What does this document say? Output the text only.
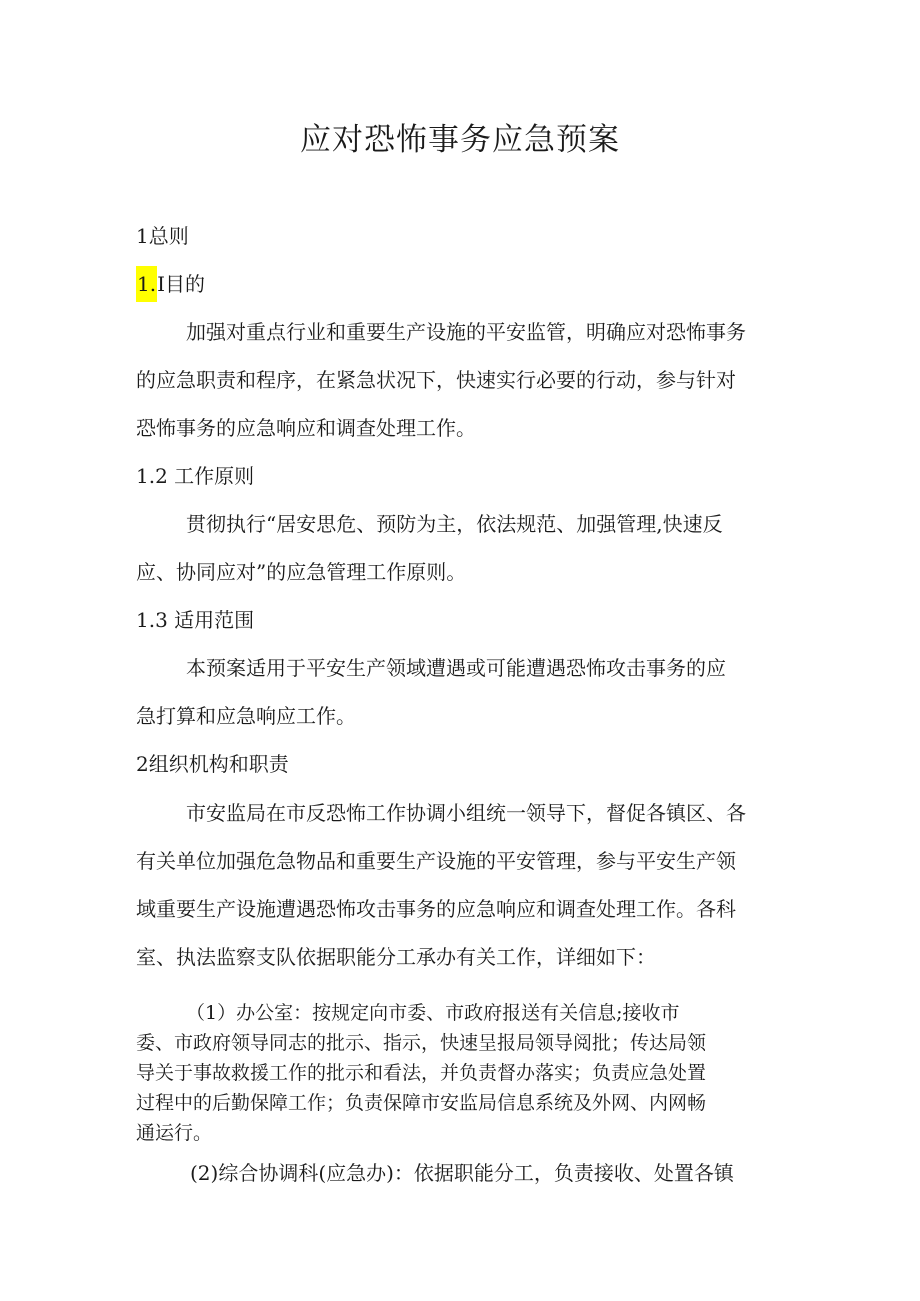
应对恐怖事务应急预案

1总则

1.I目的

加强对重点行业和重要生产设施的平安监管，明确应对恐怖事务

的应急职责和程序，在紧急状况下，快速实行必要的行动，参与针对

恐怖事务的应急响应和调查处理工作。

1.2 工作原则

贯彻执行“居安思危、预防为主，依法规范、加强管理,快速反

应、协同应对”的应急管理工作原则。

1.3 适用范围

本预案适用于平安生产领域遭遇或可能遭遇恐怖攻击事务的应

急打算和应急响应工作。

2组织机构和职责

市安监局在市反恐怖工作协调小组统一领导下，督促各镇区、各

有关单位加强危急物品和重要生产设施的平安管理，参与平安生产领

域重要生产设施遭遇恐怖攻击事务的应急响应和调查处理工作。各科

室、执法监察支队依据职能分工承办有关工作，详细如下：

（1）办公室：按规定向市委、市政府报送有关信息;接收市

委、市政府领导同志的批示、指示，快速呈报局领导阅批；传达局领

导关于事故救援工作的批示和看法，并负责督办落实；负责应急处置

过程中的后勤保障工作；负责保障市安监局信息系统及外网、内网畅

通运行。

(2)综合协调科(应急办)：依据职能分工，负责接收、处置各镇
